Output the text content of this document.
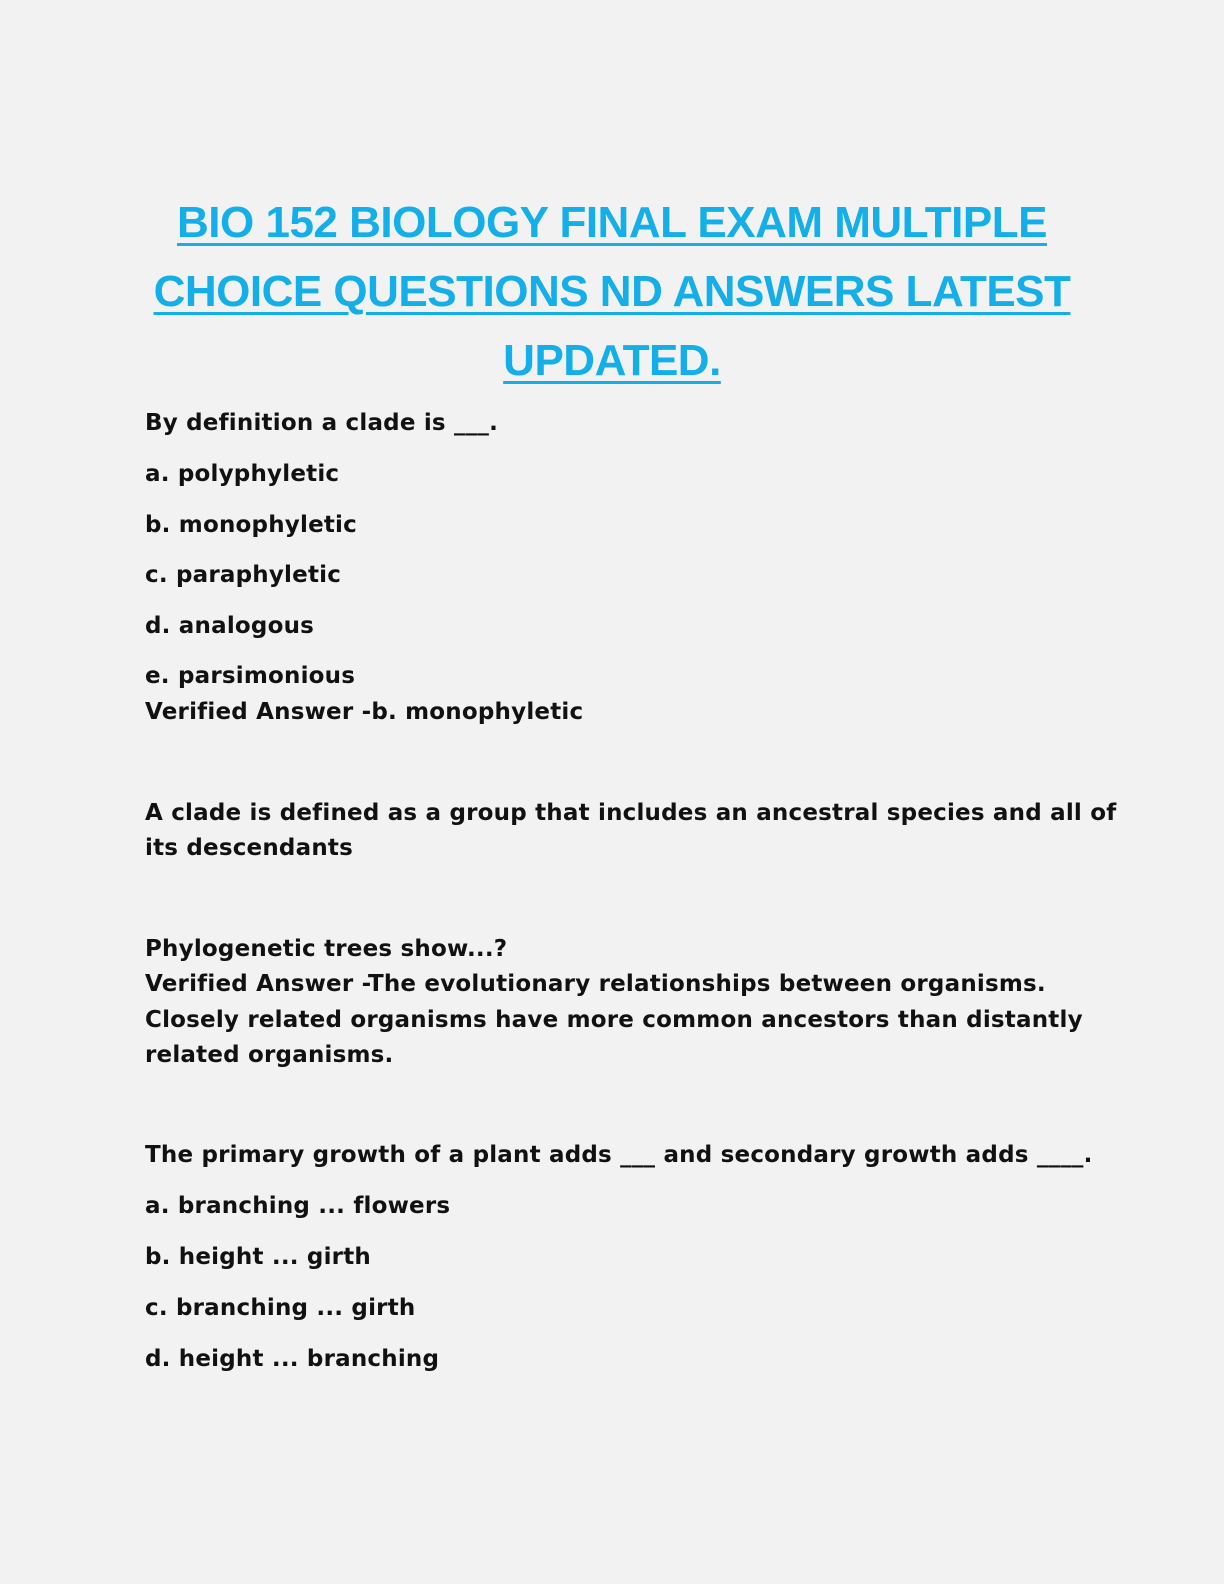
BIO 152 BIOLOGY FINAL EXAM MULTIPLE CHOICE QUESTIONS ND ANSWERS LATEST UPDATED.
By definition a clade is ___.
a. polyphyletic
b. monophyletic
c. paraphyletic
d. analogous
e. parsimonious
Verified Answer -b. monophyletic
A clade is defined as a group that includes an ancestral species and all of
its descendants
Phylogenetic trees show...?
Verified Answer -The evolutionary relationships between organisms.
Closely related organisms have more common ancestors than distantly
related organisms.
The primary growth of a plant adds ___ and secondary growth adds ____.
a. branching ... flowers
b. height ... girth
c. branching ... girth
d. height ... branching
